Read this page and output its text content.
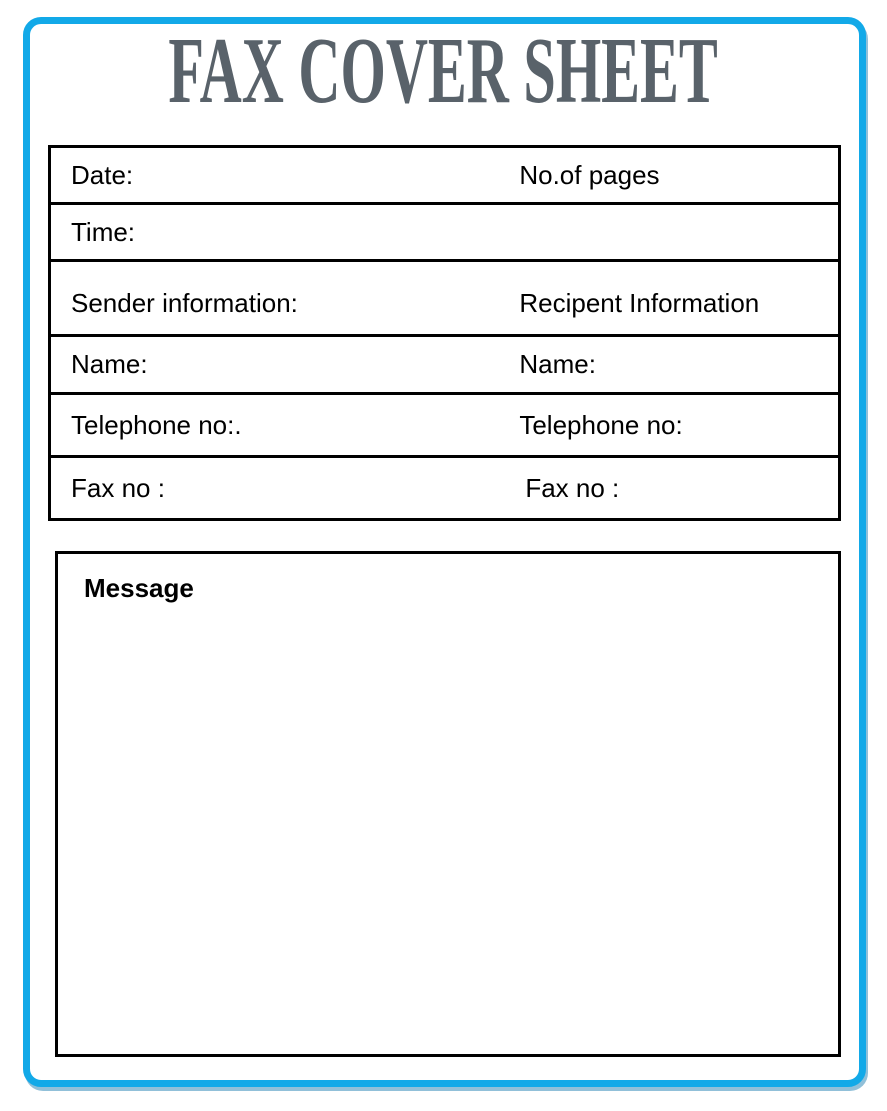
FAX COVER SHEET
Date:	No.of pages
Time:	
Sender information:	Recipent Information
Name:	Name:
Telephone no:.	Telephone no:
Fax no :	Fax no :
Message
